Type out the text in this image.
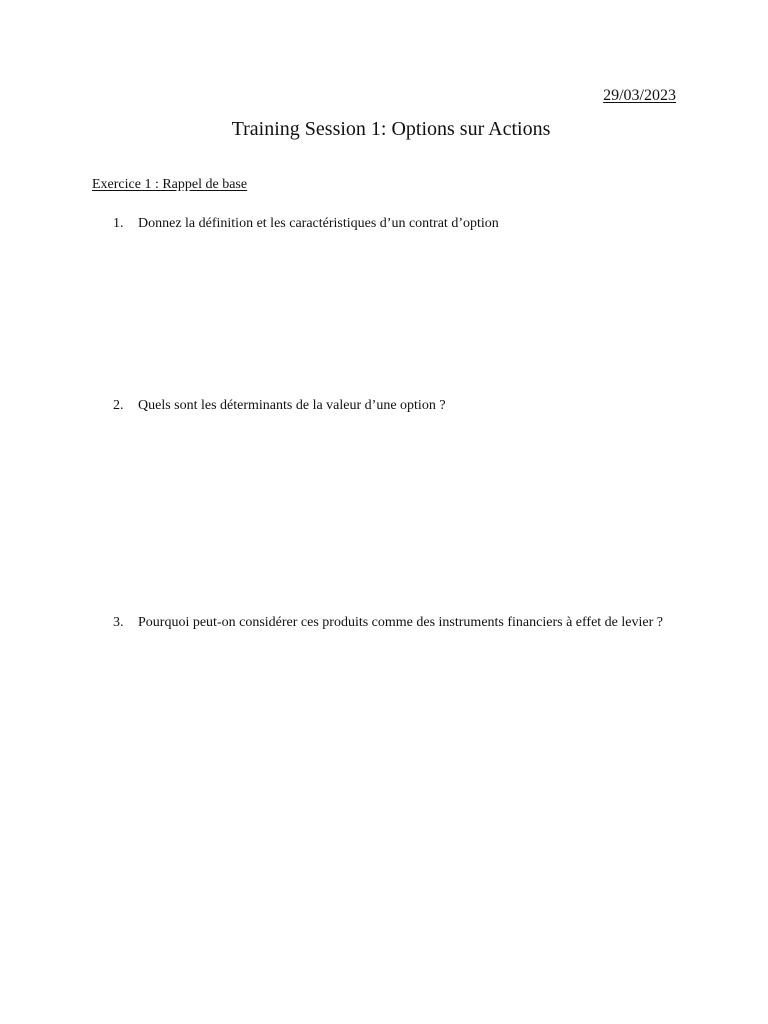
29/03/2023
Training Session 1: Options sur Actions
Exercice 1 : Rappel de base
1.	Donnez la définition et les caractéristiques d’un contrat d’option
2.	Quels sont les déterminants de la valeur d’une option ?
3.	Pourquoi peut-on considérer ces produits comme des instruments financiers à effet de levier ?
